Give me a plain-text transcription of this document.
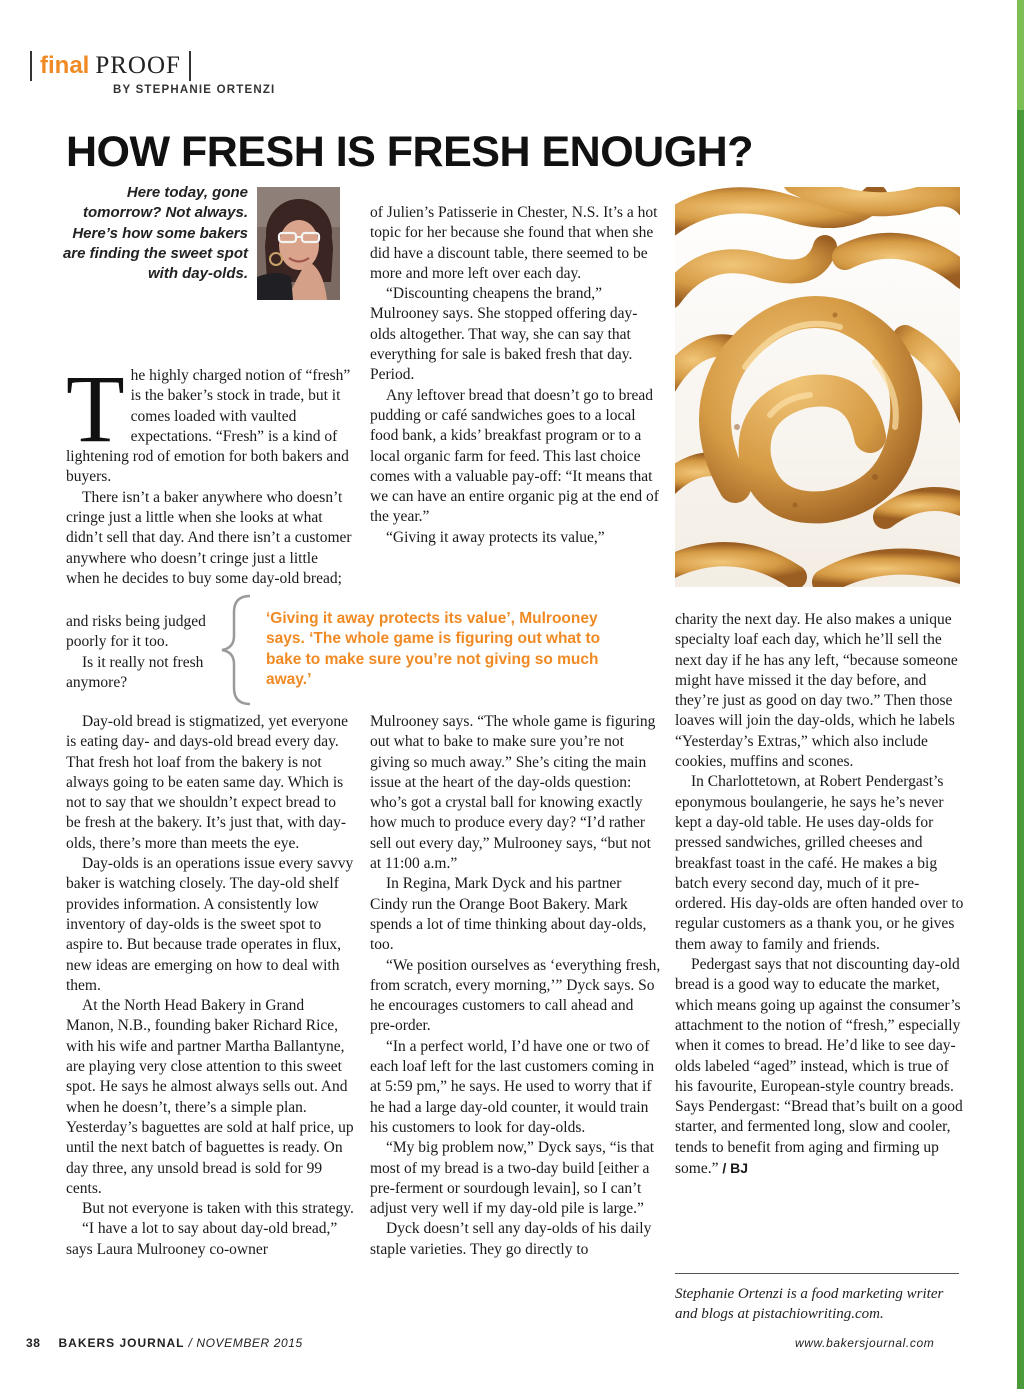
final PROOF
BY STEPHANIE ORTENZI
HOW FRESH IS FRESH ENOUGH?
Here today, gone tomorrow? Not always. Here’s how some bakers are finding the sweet spot with day-olds.

The highly charged notion of “fresh” is the baker’s stock in trade, but it comes loaded with vaulted expectations. “Fresh” is a kind of lightening rod of emotion for both bakers and buyers.

There isn’t a baker anywhere who doesn’t cringe just a little when she looks at what didn’t sell that day. And there isn’t a customer anywhere who doesn’t cringe just a little when he decides to buy some day-old bread;

and risks being judged poorly for it too.

Is it really not fresh anymore?

Day-old bread is stigmatized, yet everyone is eating day- and days-old bread every day. That fresh hot loaf from the bakery is not always going to be eaten same day. Which is not to say that we shouldn’t expect bread to be fresh at the bakery. It’s just that, with day-olds, there’s more than meets the eye.

Day-olds is an operations issue every savvy baker is watching closely. The day-old shelf provides information. A consistently low inventory of day-olds is the sweet spot to aspire to. But because trade operates in flux, new ideas are emerging on how to deal with them.

At the North Head Bakery in Grand Manon, N.B., founding baker Richard Rice, with his wife and partner Martha Ballantyne, are playing very close attention to this sweet spot. He says he almost always sells out. And when he doesn’t, there’s a simple plan. Yesterday’s baguettes are sold at half price, up until the next batch of baguettes is ready. On day three, any unsold bread is sold for 99 cents.

But not everyone is taken with this strategy.

“I have a lot to say about day-old bread,” says Laura Mulrooney co-owner

of Julien’s Patisserie in Chester, N.S. It’s a hot topic for her because she found that when she did have a discount table, there seemed to be more and more left over each day.

“Discounting cheapens the brand,” Mulrooney says. She stopped offering day-olds altogether. That way, she can say that everything for sale is baked fresh that day. Period.

Any leftover bread that doesn’t go to bread pudding or café sandwiches goes to a local food bank, a kids’ breakfast program or to a local organic farm for feed. This last choice comes with a valuable pay-off: “It means that we can have an entire organic pig at the end of the year.”

“Giving it away protects its value,”

‘Giving it away protects its value’, Mulrooney says. ‘The whole game is figuring out what to bake to make sure you’re not giving so much away.’

Mulrooney says. “The whole game is figuring out what to bake to make sure you’re not giving so much away.” She’s citing the main issue at the heart of the day-olds question: who’s got a crystal ball for knowing exactly how much to produce every day? “I’d rather sell out every day,” Mulrooney says, “but not at 11:00 a.m.”

In Regina, Mark Dyck and his partner Cindy run the Orange Boot Bakery. Mark spends a lot of time thinking about day-olds, too.

“We position ourselves as ‘everything fresh, from scratch, every morning,’” Dyck says. So he encourages customers to call ahead and pre-order.

“In a perfect world, I’d have one or two of each loaf left for the last customers coming in at 5:59 pm,” he says. He used to worry that if he had a large day-old counter, it would train his customers to look for day-olds.

“My big problem now,” Dyck says, “is that most of my bread is a two-day build [either a pre-ferment or sourdough levain], so I can’t adjust very well if my day-old pile is large.”

Dyck doesn’t sell any day-olds of his daily staple varieties. They go directly to

charity the next day. He also makes a unique specialty loaf each day, which he’ll sell the next day if he has any left, “because someone might have missed it the day before, and they’re just as good on day two.” Then those loaves will join the day-olds, which he labels “Yesterday’s Extras,” which also include cookies, muffins and scones.

In Charlottetown, at Robert Pendergast’s eponymous boulangerie, he says he’s never kept a day-old table. He uses day-olds for pressed sandwiches, grilled cheeses and breakfast toast in the café. He makes a big batch every second day, much of it pre-ordered. His day-olds are often handed over to regular customers as a thank you, or he gives them away to family and friends.

Pedergast says that not discounting day-old bread is a good way to educate the market, which means going up against the consumer’s attachment to the notion of “fresh,” especially when it comes to bread. He’d like to see day-olds labeled “aged” instead, which is true of his favourite, European-style country breads. Says Pendergast: “Bread that’s built on a good starter, and fermented long, slow and cooler, tends to benefit from aging and firming up some.” / BJ

Stephanie Ortenzi is a food marketing writer and blogs at pistachiowriting.com.
38 BAKERS JOURNAL / NOVEMBER 2015	www.bakersjournal.com
